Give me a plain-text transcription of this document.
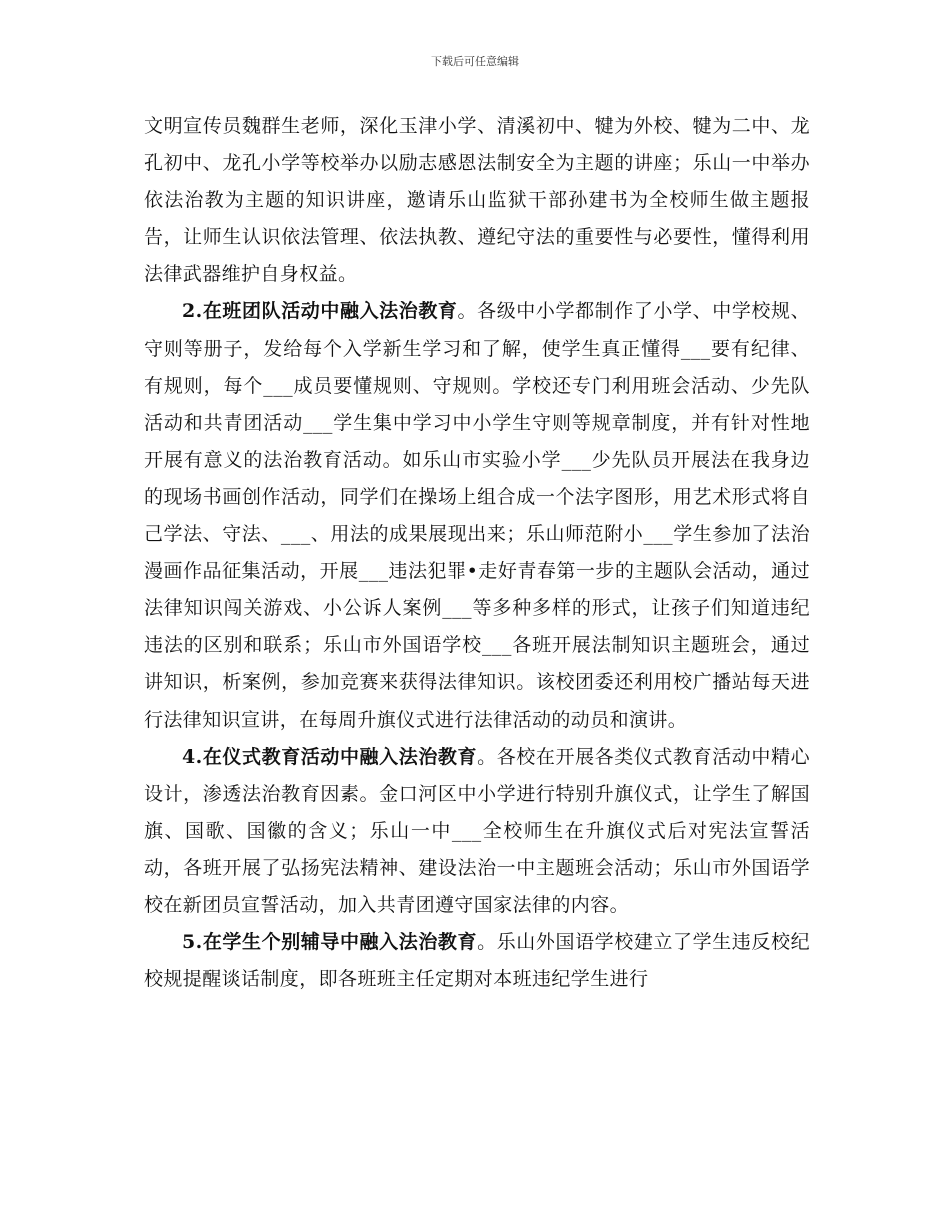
下载后可任意编辑

文明宣传员魏群生老师，深化玉津小学、清溪初中、犍为外校、犍为二中、龙孔初中、龙孔小学等校举办以励志感恩法制安全为主题的讲座；乐山一中举办依法治教为主题的知识讲座，邀请乐山监狱干部孙建书为全校师生做主题报告，让师生认识依法管理、依法执教、遵纪守法的重要性与必要性，懂得利用法律武器维护自身权益。

2.在班团队活动中融入法治教育。各级中小学都制作了小学、中学校规、守则等册子，发给每个入学新生学习和了解，使学生真正懂得___要有纪律、有规则，每个___成员要懂规则、守规则。学校还专门利用班会活动、少先队活动和共青团活动___学生集中学习中小学生守则等规章制度，并有针对性地开展有意义的法治教育活动。如乐山市实验小学___少先队员开展法在我身边的现场书画创作活动，同学们在操场上组合成一个法字图形，用艺术形式将自己学法、守法、___、用法的成果展现出来；乐山师范附小___学生参加了法治漫画作品征集活动，开展___违法犯罪•走好青春第一步的主题队会活动，通过法律知识闯关游戏、小公诉人案例___等多种多样的形式，让孩子们知道违纪违法的区别和联系；乐山市外国语学校___各班开展法制知识主题班会，通过讲知识，析案例，参加竞赛来获得法律知识。该校团委还利用校广播站每天进行法律知识宣讲，在每周升旗仪式进行法律活动的动员和演讲。

4.在仪式教育活动中融入法治教育。各校在开展各类仪式教育活动中精心设计，渗透法治教育因素。金口河区中小学进行特别升旗仪式，让学生了解国旗、国歌、国徽的含义；乐山一中___全校师生在升旗仪式后对宪法宣誓活动，各班开展了弘扬宪法精神、建设法治一中主题班会活动；乐山市外国语学校在新团员宣誓活动，加入共青团遵守国家法律的内容。

5.在学生个别辅导中融入法治教育。乐山外国语学校建立了学生违反校纪校规提醒谈话制度，即各班班主任定期对本班违纪学生进行
